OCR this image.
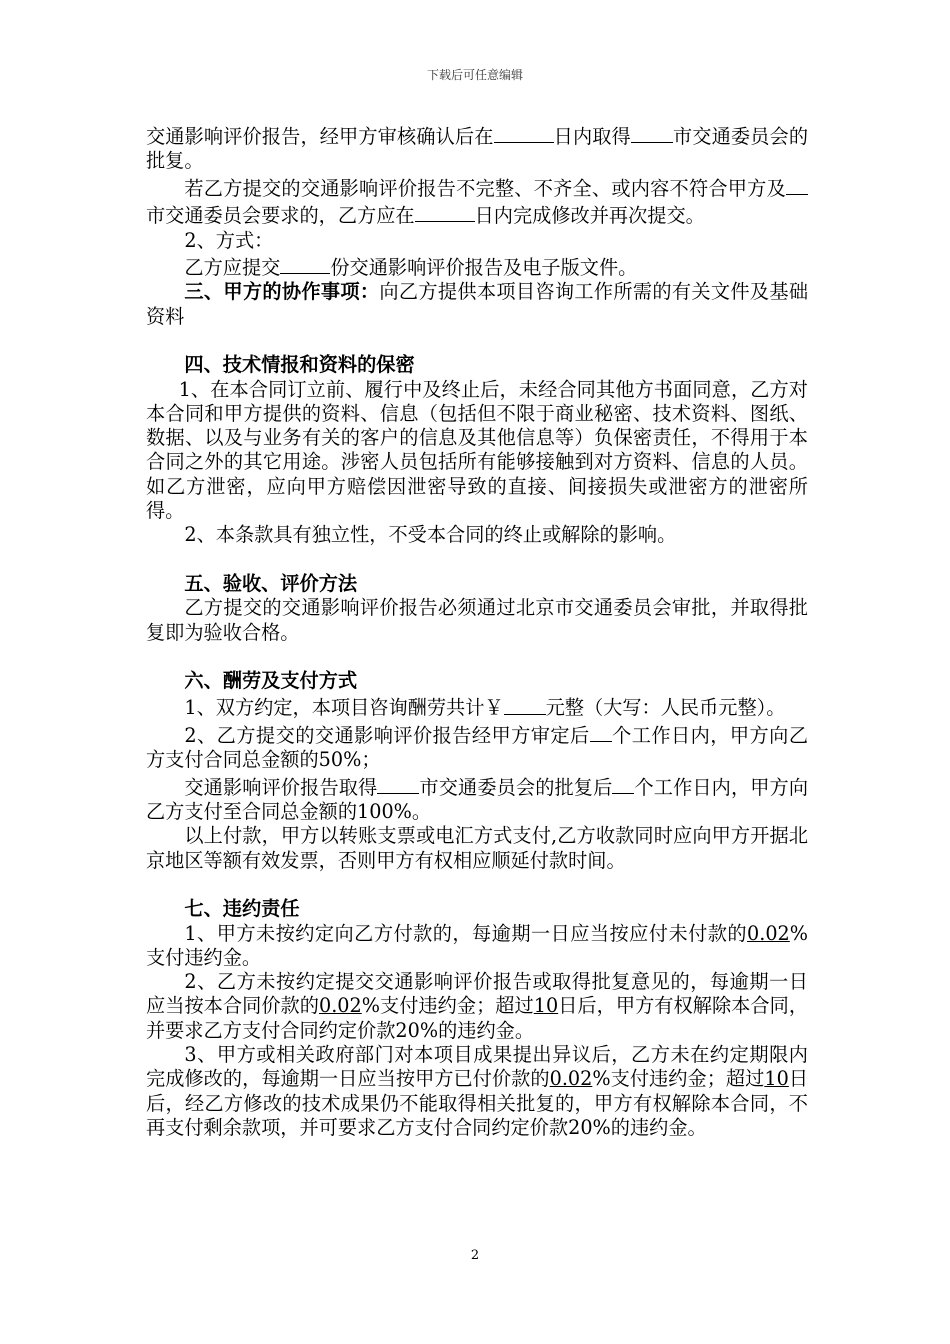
下载后可任意编辑

交通影响评价报告，经甲方审核确认后在	日内取得 市交通委员会的批复。

若乙方提交的交通影响评价报告不完整、不齐全、或内容不符合甲方及市交通委员会要求的，乙方应在	日内完成修改并再次提交。

2、方式：

乙方应提交	份交通影响评价报告及电子版文件。

三、甲方的协作事项：向乙方提供本项目咨询工作所需的有关文件及基础资料

四、技术情报和资料的保密

1、在本合同订立前、履行中及终止后，未经合同其他方书面同意，乙方对本合同和甲方提供的资料、信息（包括但不限于商业秘密、技术资料、图纸、数据、以及与业务有关的客户的信息及其他信息等）负保密责任，不得用于本合同之外的其它用途。涉密人员包括所有能够接触到对方资料、信息的人员。如乙方泄密，应向甲方赔偿因泄密导致的直接、间接损失或泄密方的泄密所得。

2、本条款具有独立性，不受本合同的终止或解除的影响。

五、验收、评价方法

乙方提交的交通影响评价报告必须通过北京市交通委员会审批，并取得批复即为验收合格。

六、酬劳及支付方式

1、双方约定，本项目咨询酬劳共计￥ 元整（大写：人民币元整）。

2、乙方提交的交通影响评价报告经甲方审定后 个工作日内，甲方向乙方支付合同总金额的50%；

交通影响评价报告取得 市交通委员会的批复后 个工作日内，甲方向乙方支付至合同总金额的100%。

以上付款，甲方以转账支票或电汇方式支付,乙方收款同时应向甲方开据北京地区等额有效发票，否则甲方有权相应顺延付款时间。

七、违约责任

1、甲方未按约定向乙方付款的，每逾期一日应当按应付未付款的0.02%支付违约金。

2、乙方未按约定提交交通影响评价报告或取得批复意见的，每逾期一日应当按本合同价款的0.02%支付违约金；超过10日后，甲方有权解除本合同，并要求乙方支付合同约定价款20%的违约金。

3、甲方或相关政府部门对本项目成果提出异议后，乙方未在约定期限内完成修改的，每逾期一日应当按甲方已付价款的0.02%支付违约金；超过10日后，经乙方修改的技术成果仍不能取得相关批复的，甲方有权解除本合同，不再支付剩余款项，并可要求乙方支付合同约定价款20%的违约金。

2
